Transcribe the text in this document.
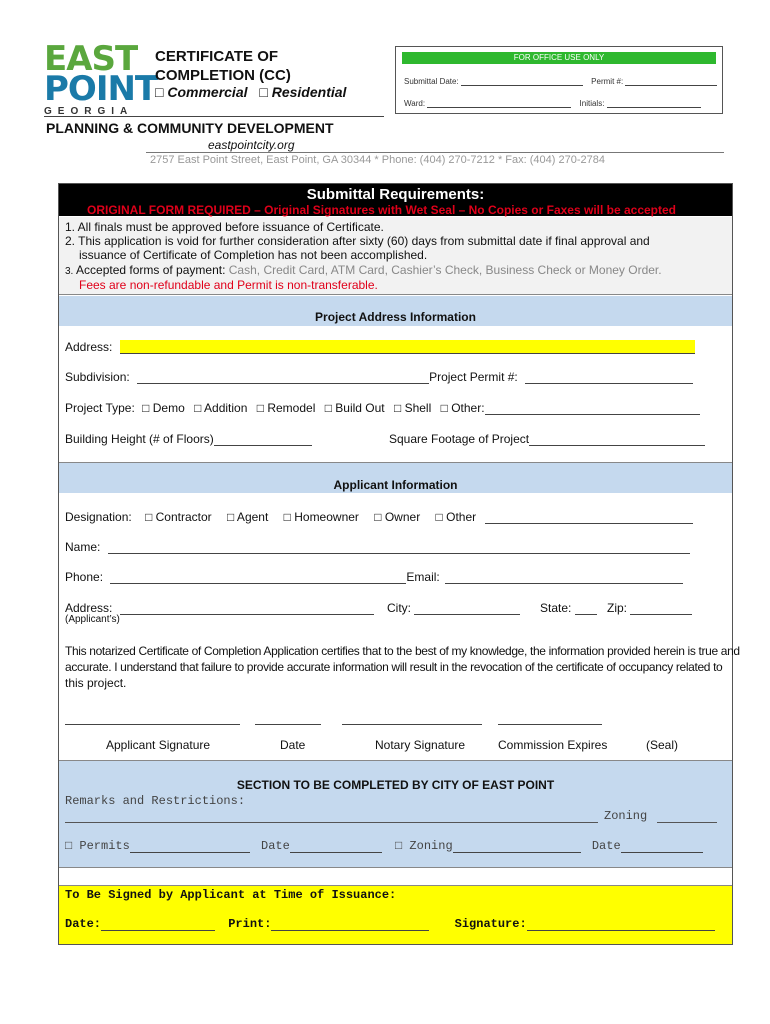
EAST
POINT
GEORGIA
CERTIFICATE OF
COMPLETION (CC)
□ Commercial □ Residential
FOR OFFICE USE ONLY
Submittal Date:	Permit #:
Ward:	Initials:
PLANNING & COMMUNITY DEVELOPMENT
eastpointcity.org
2757 East Point Street, East Point, GA 30344 * Phone: (404) 270-7212 * Fax: (404) 270-2784
Submittal Requirements:
ORIGINAL FORM REQUIRED – Original Signatures with Wet Seal – No Copies or Faxes will be accepted
1. All finals must be approved before issuance of Certificate.
2. This application is void for further consideration after sixty (60) days from submittal date if final approval and
issuance of Certificate of Completion has not been accomplished.
3. Accepted forms of payment: Cash, Credit Card, ATM Card, Cashier’s Check, Business Check or Money Order.
Fees are non-refundable and Permit is non-transferable.
Project Address Information
Address:
Subdivision:	Project Permit #:
Project Type: □ Demo □ Addition □ Remodel □ Build Out □ Shell □ Other:
Building Height (# of Floors)	Square Footage of Project
Applicant Information
Designation: □ Contractor □ Agent □ Homeowner □ Owner □ Other
Name:
Phone:	Email:
Address:	City:	State:	Zip:
(Applicant’s)
This notarized Certificate of Completion Application certifies that to the best of my knowledge, the information provided herein is true and
accurate. I understand that failure to provide accurate information will result in the revocation of the certificate of occupancy related to
this project.
Applicant Signature	Date	Notary Signature	Commission Expires	(Seal)
SECTION TO BE COMPLETED BY CITY OF EAST POINT
Remarks and Restrictions:
Zoning
□ Permits	Date	□ Zoning	Date
To Be Signed by Applicant at Time of Issuance:
Date:	Print:	Signature:
